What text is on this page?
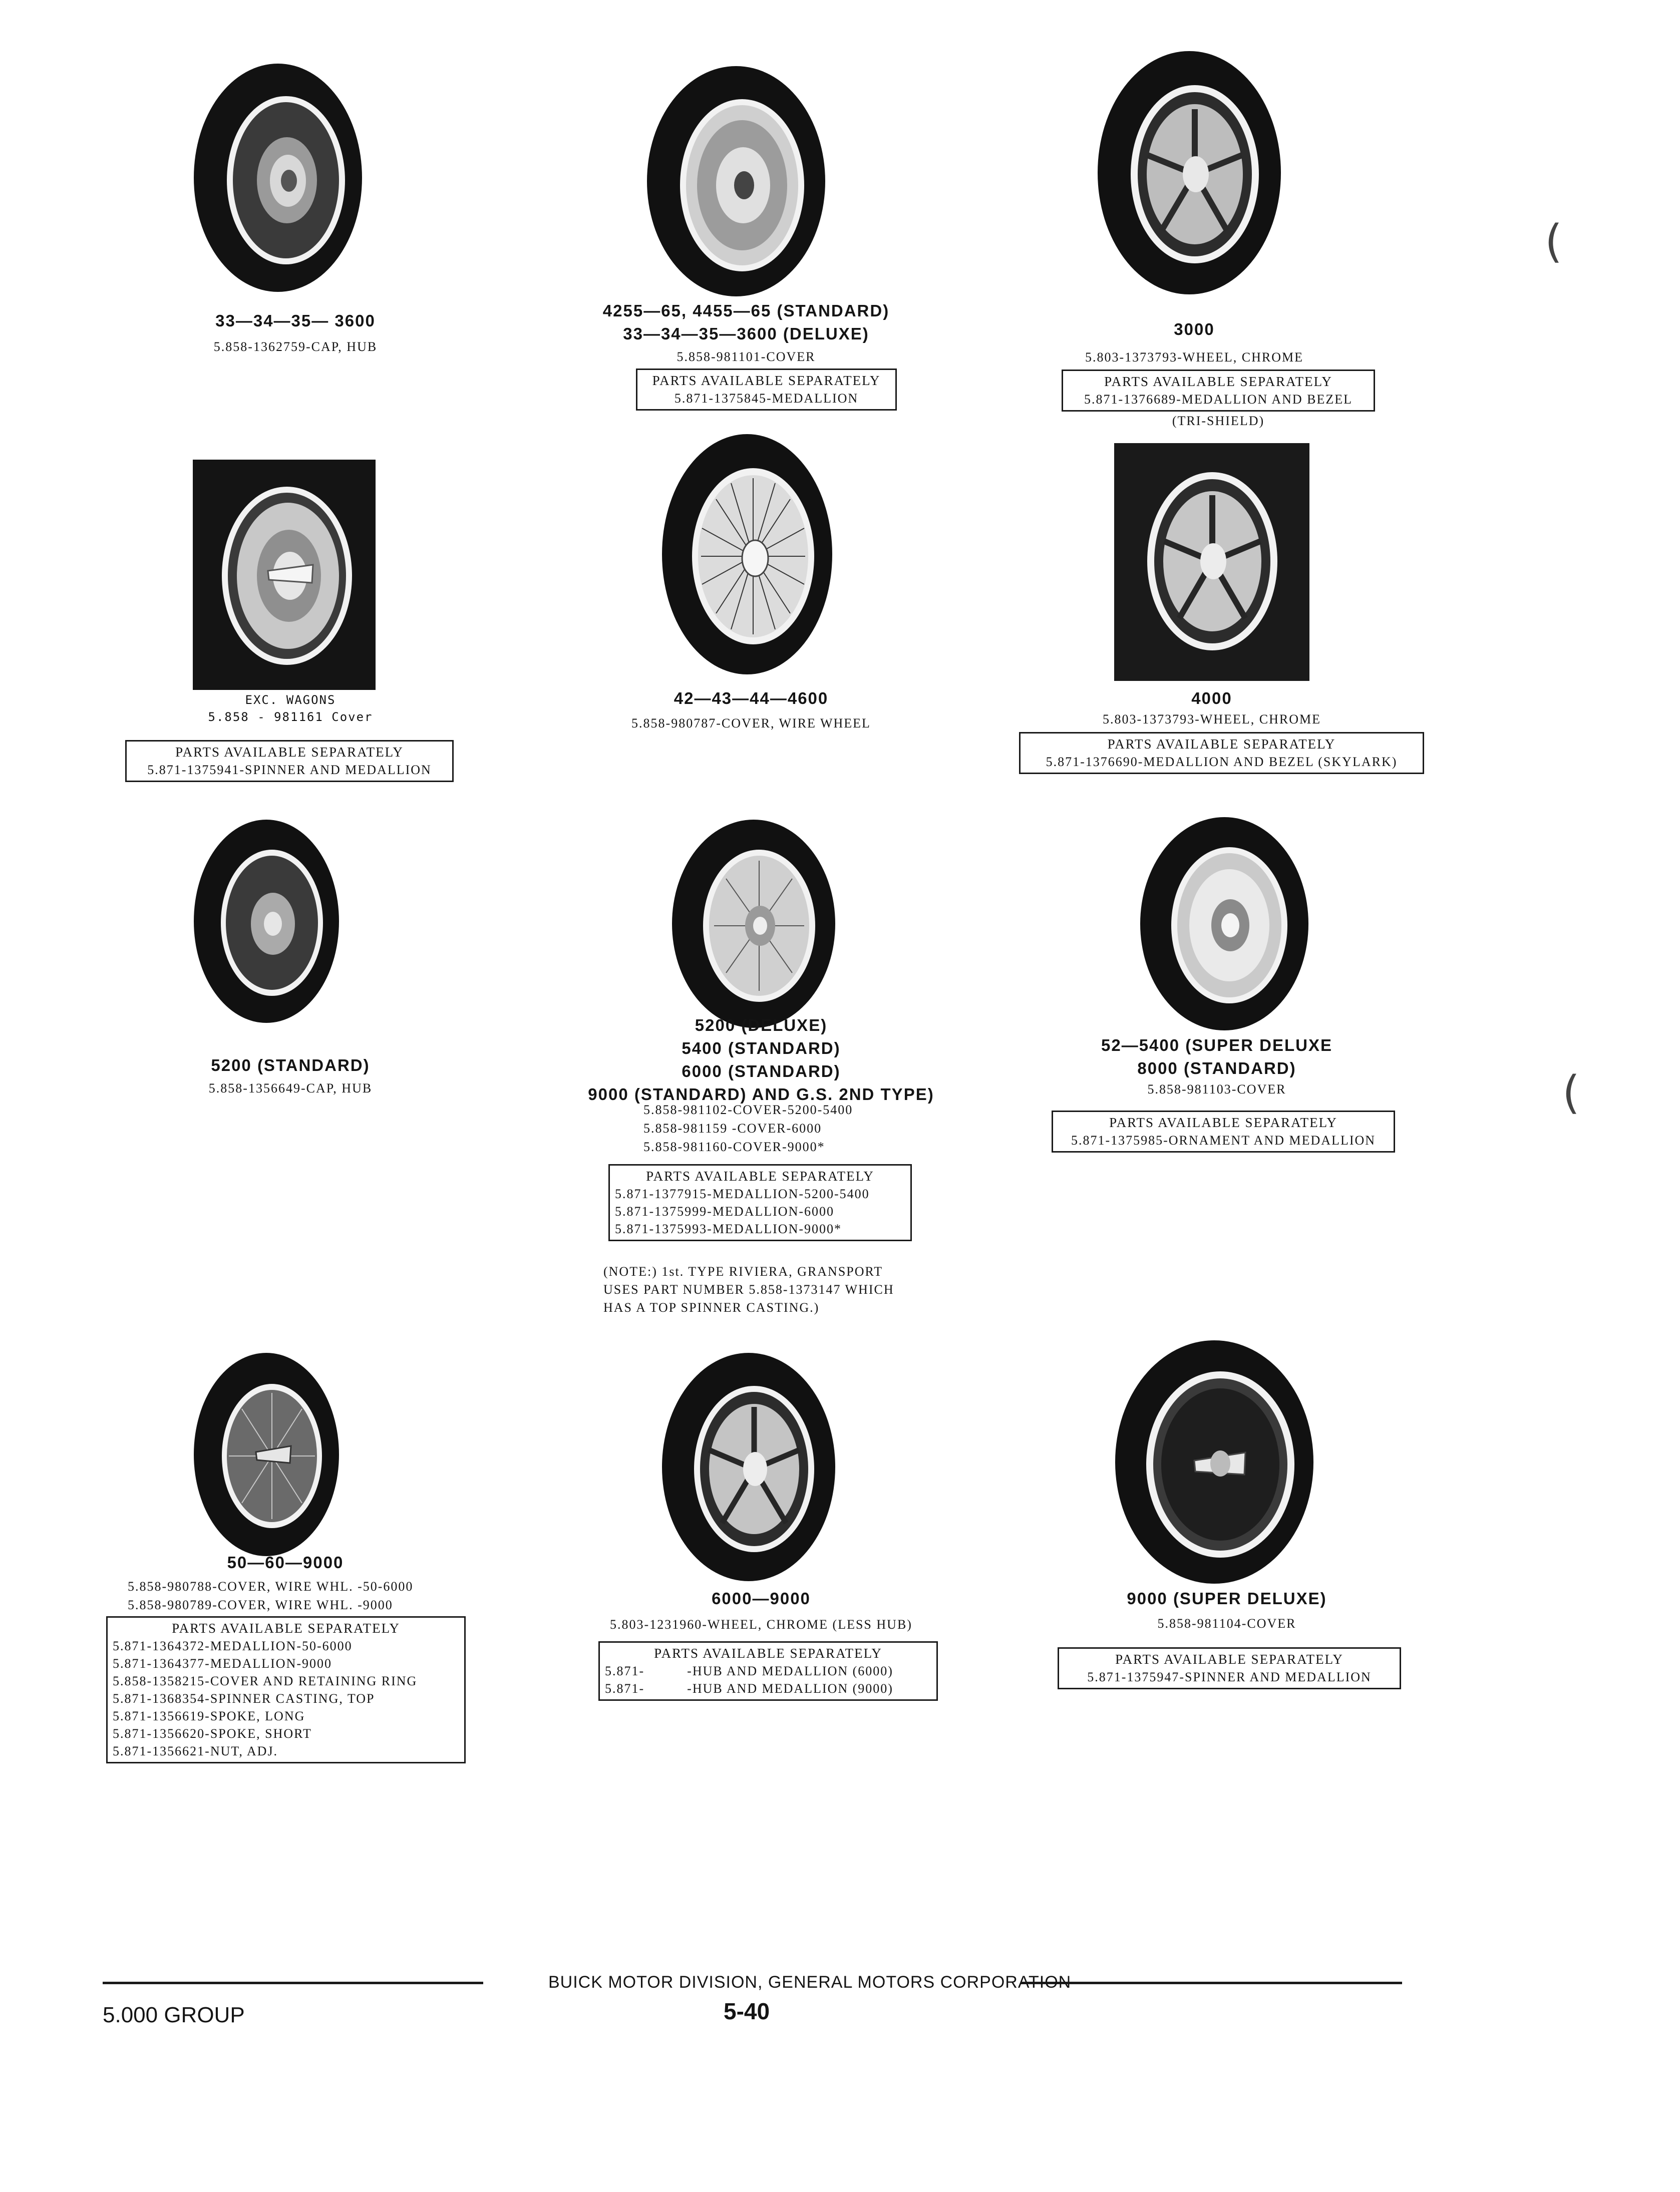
33—34—35— 3600
5.858-1362759-CAP, HUB
4255—65, 4455—65 (STANDARD)
33—34—35—3600 (DELUXE)
5.858-981101-COVER
PARTS AVAILABLE SEPARATELY
5.871-1375845-MEDALLION
3000
5.803-1373793-WHEEL, CHROME
PARTS AVAILABLE SEPARATELY
5.871-1376689-MEDALLION AND BEZEL
(TRI-SHIELD)
43-44-4600
EXC. WAGONS
5.858 - 981161 Cover
PARTS AVAILABLE SEPARATELY
5.871-1375941-SPINNER AND MEDALLION
42—43—44—4600
5.858-980787-COVER, WIRE WHEEL
4000
5.803-1373793-WHEEL, CHROME
PARTS AVAILABLE SEPARATELY
5.871-1376690-MEDALLION AND BEZEL (SKYLARK)
5200 (STANDARD)
5.858-1356649-CAP, HUB
5200 (DELUXE)
5400 (STANDARD)
6000 (STANDARD)
9000 (STANDARD) AND G.S. 2ND TYPE)
5.858-981102-COVER-5200-5400
5.858-981159 -COVER-6000
5.858-981160-COVER-9000*
PARTS AVAILABLE SEPARATELY
5.871-1377915-MEDALLION-5200-5400
5.871-1375999-MEDALLION-6000
5.871-1375993-MEDALLION-9000*
(NOTE:) 1st. TYPE RIVIERA, GRANSPORT
USES PART NUMBER 5.858-1373147 WHICH
HAS A TOP SPINNER CASTING.)
52—5400 (SUPER DELUXE
8000 (STANDARD)
5.858-981103-COVER
PARTS AVAILABLE SEPARATELY
5.871-1375985-ORNAMENT AND MEDALLION
50—60—9000
5.858-980788-COVER, WIRE WHL. -50-6000
5.858-980789-COVER, WIRE WHL. -9000
PARTS AVAILABLE SEPARATELY
5.871-1364372-MEDALLION-50-6000
5.871-1364377-MEDALLION-9000
5.858-1358215-COVER AND RETAINING RING
5.871-1368354-SPINNER CASTING, TOP
5.871-1356619-SPOKE, LONG
5.871-1356620-SPOKE, SHORT
5.871-1356621-NUT, ADJ.
6000—9000
5.803-1231960-WHEEL, CHROME (LESS HUB)
PARTS AVAILABLE SEPARATELY
5.871-          -HUB AND MEDALLION (6000)
5.871-          -HUB AND MEDALLION (9000)
9000 (SUPER DELUXE)
5.858-981104-COVER
PARTS AVAILABLE SEPARATELY
5.871-1375947-SPINNER AND MEDALLION
(
(
BUICK MOTOR DIVISION, GENERAL MOTORS CORPORATION
5.000 GROUP	5-40
